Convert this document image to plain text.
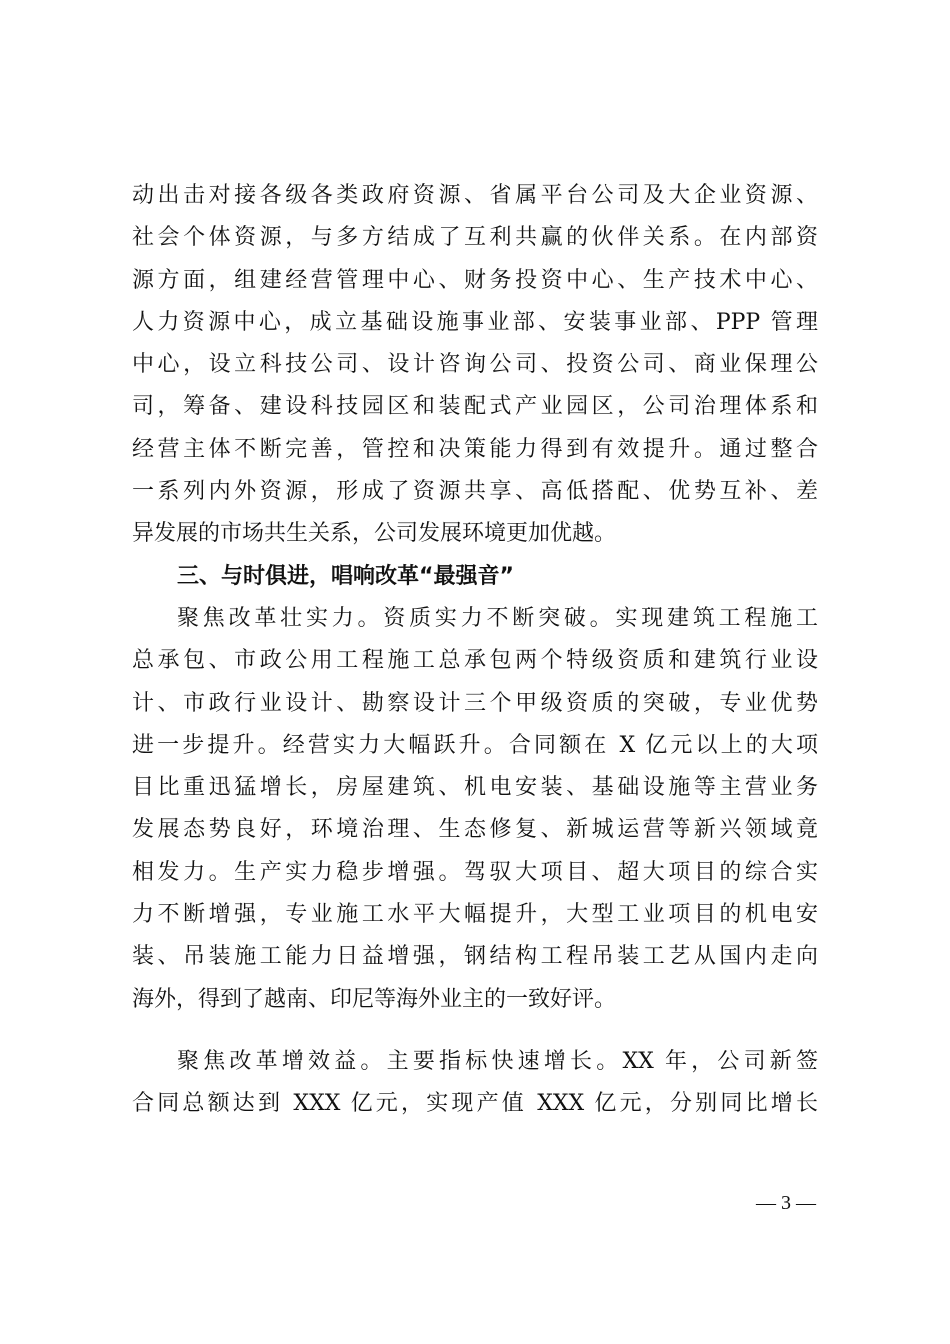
动出击对接各级各类政府资源、省属平台公司及大企业资源、
社会个体资源，与多方结成了互利共赢的伙伴关系。在内部资
源方面，组建经营管理中心、财务投资中心、生产技术中心、
人力资源中心，成立基础设施事业部、安装事业部、PPP 管理
中心，设立科技公司、设计咨询公司、投资公司、商业保理公
司，筹备、建设科技园区和装配式产业园区，公司治理体系和
经营主体不断完善，管控和决策能力得到有效提升。通过整合
一系列内外资源，形成了资源共享、高低搭配、优势互补、差
异发展的市场共生关系，公司发展环境更加优越。
三、与时俱进，唱响改革“最强音”
聚焦改革壮实力。资质实力不断突破。实现建筑工程施工
总承包、市政公用工程施工总承包两个特级资质和建筑行业设
计、市政行业设计、勘察设计三个甲级资质的突破，专业优势
进一步提升。经营实力大幅跃升。合同额在 X 亿元以上的大项
目比重迅猛增长，房屋建筑、机电安装、基础设施等主营业务
发展态势良好，环境治理、生态修复、新城运营等新兴领域竟
相发力。生产实力稳步增强。驾驭大项目、超大项目的综合实
力不断增强，专业施工水平大幅提升，大型工业项目的机电安
装、吊装施工能力日益增强，钢结构工程吊装工艺从国内走向
海外，得到了越南、印尼等海外业主的一致好评。
聚焦改革增效益。主要指标快速增长。XX 年，公司新签
合同总额达到 XXX 亿元，实现产值 XXX 亿元，分别同比增长
— 3 —
